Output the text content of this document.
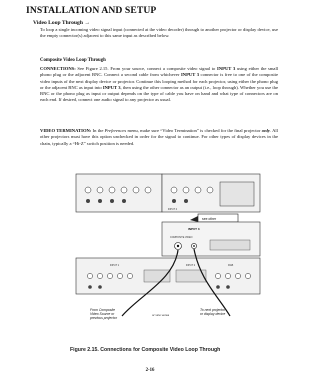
INSTALLATION AND SETUP
Video Loop Through →

To loop a single incoming video signal input (connected at the video decoder) through to another projector or display device, use the empty connector(s) adjacent to this same input as described below.

Composite Video Loop Through

CONNECTIONS: See Figure 2.15. From your source, connect a composite video signal to INPUT 3 using either the small phono plug or the adjacent BNC. Connect a second cable from whichever INPUT 3 connector is free to one of the composite video inputs of the next display device or projector. Continue this looping method for each projector, using either the phono plug or the adjacent BNC as input into INPUT 3, then using the other connector as an output (i.e., loop through). Whether you use the BNC or the phono plug as input or output depends on the type of cable you have on hand and what type of connectors are on each end. If desired, connect one audio signal to any projector as usual.

VIDEO TERMINATION: In the Preferences menu, make sure “Video Termination” is checked for the final projector only. All other projectors must have this option unchecked in order for the signal to continue. For other types of display devices in the chain, typically a “Hi-Z” switch position is needed.

INPUT 4
see other
INPUT 3
COMPOSITE VIDEO
INPUT 1	INPUT 2	RGB
From Composite Video Source or previous projector
or vice versa
To next projector or display device
Figure 2.15. Connections for Composite Video Loop Through
2-16
